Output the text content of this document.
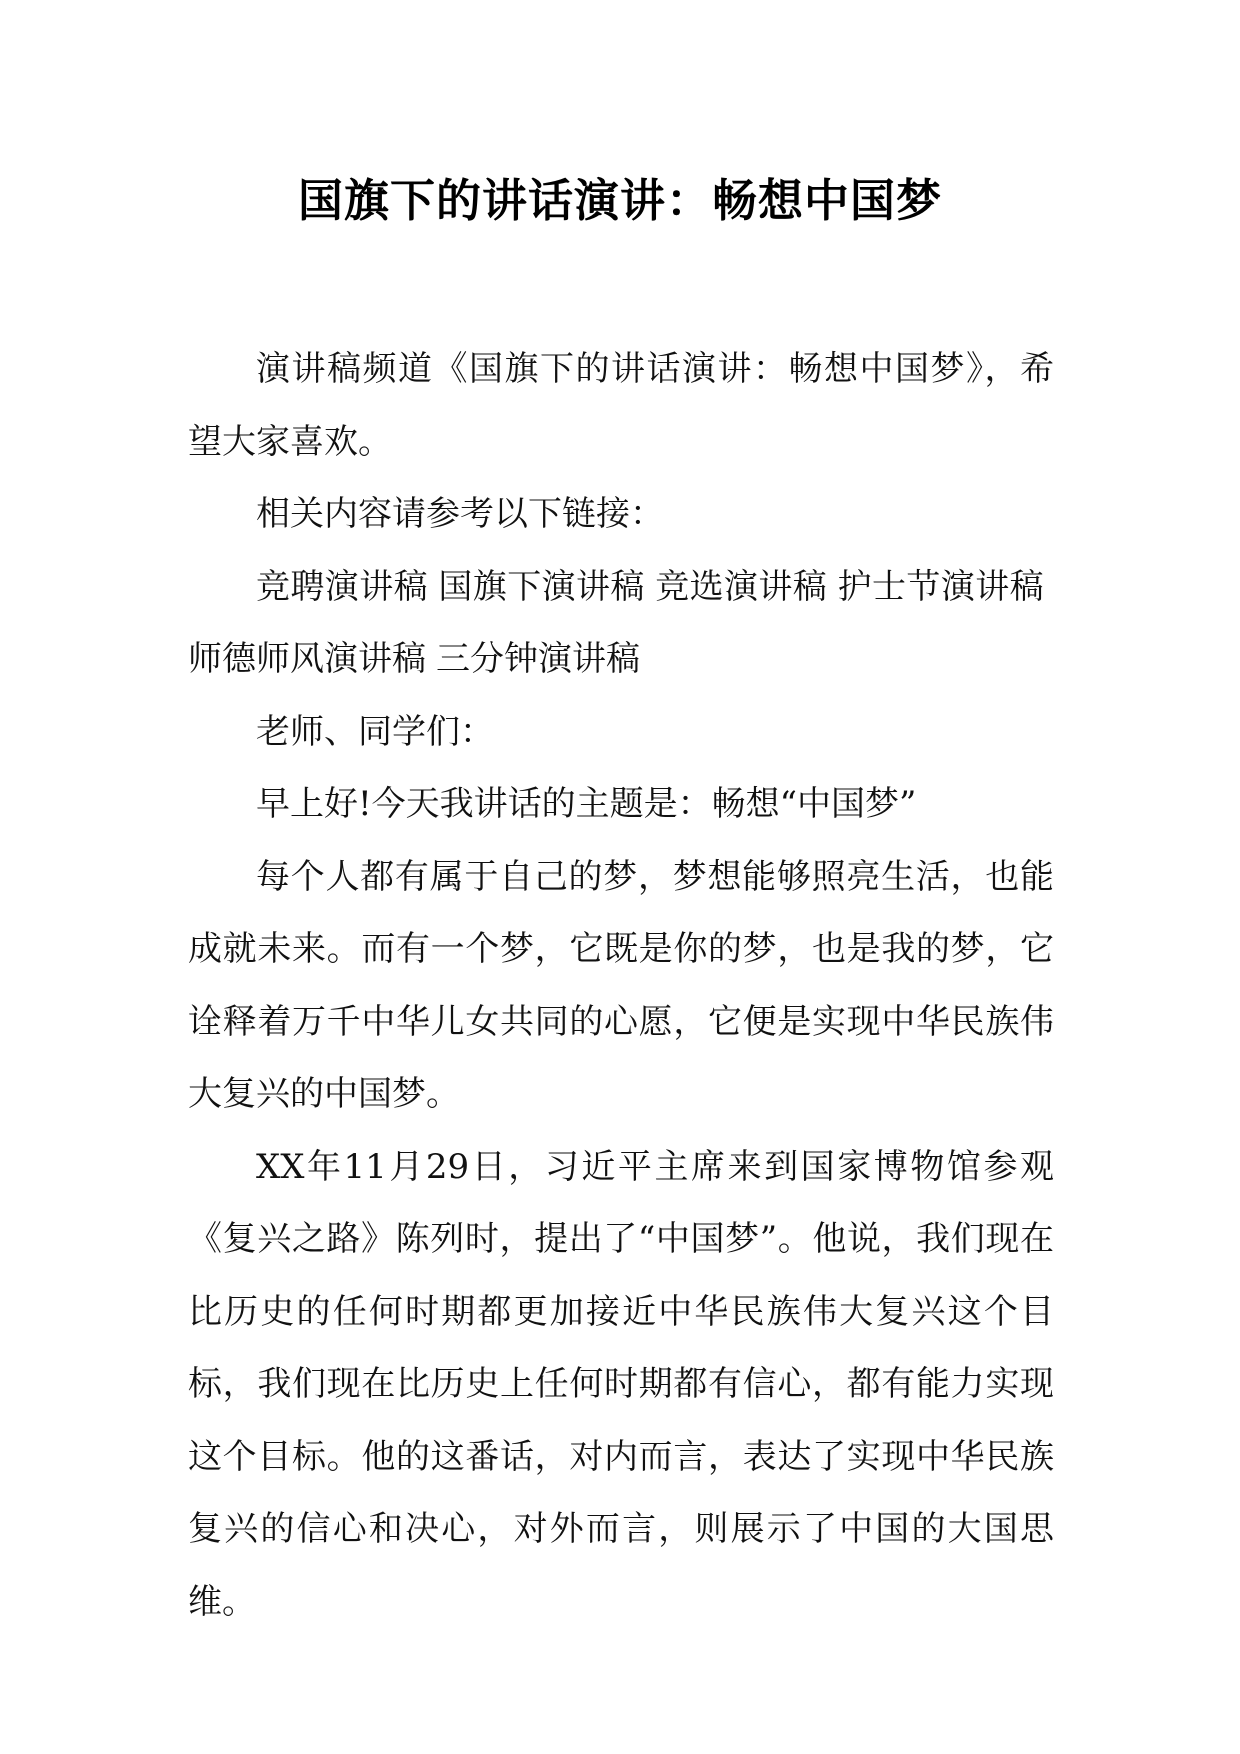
国旗下的讲话演讲：畅想中国梦

演讲稿频道《国旗下的讲话演讲：畅想中国梦》，希望大家喜欢。

相关内容请参考以下链接：

竞聘演讲稿 国旗下演讲稿 竞选演讲稿 护士节演讲稿师德师风演讲稿 三分钟演讲稿

老师、同学们：

早上好!今天我讲话的主题是：畅想“中国梦”

每个人都有属于自己的梦，梦想能够照亮生活，也能成就未来。而有一个梦，它既是你的梦，也是我的梦，它诠释着万千中华儿女共同的心愿，它便是实现中华民族伟大复兴的中国梦。

XX年11月29日，习近平主席来到国家博物馆参观《复兴之路》陈列时，提出了“中国梦”。他说，我们现在比历史的任何时期都更加接近中华民族伟大复兴这个目标，我们现在比历史上任何时期都有信心，都有能力实现这个目标。他的这番话，对内而言，表达了实现中华民族复兴的信心和决心，对外而言，则展示了中国的大国思维。
